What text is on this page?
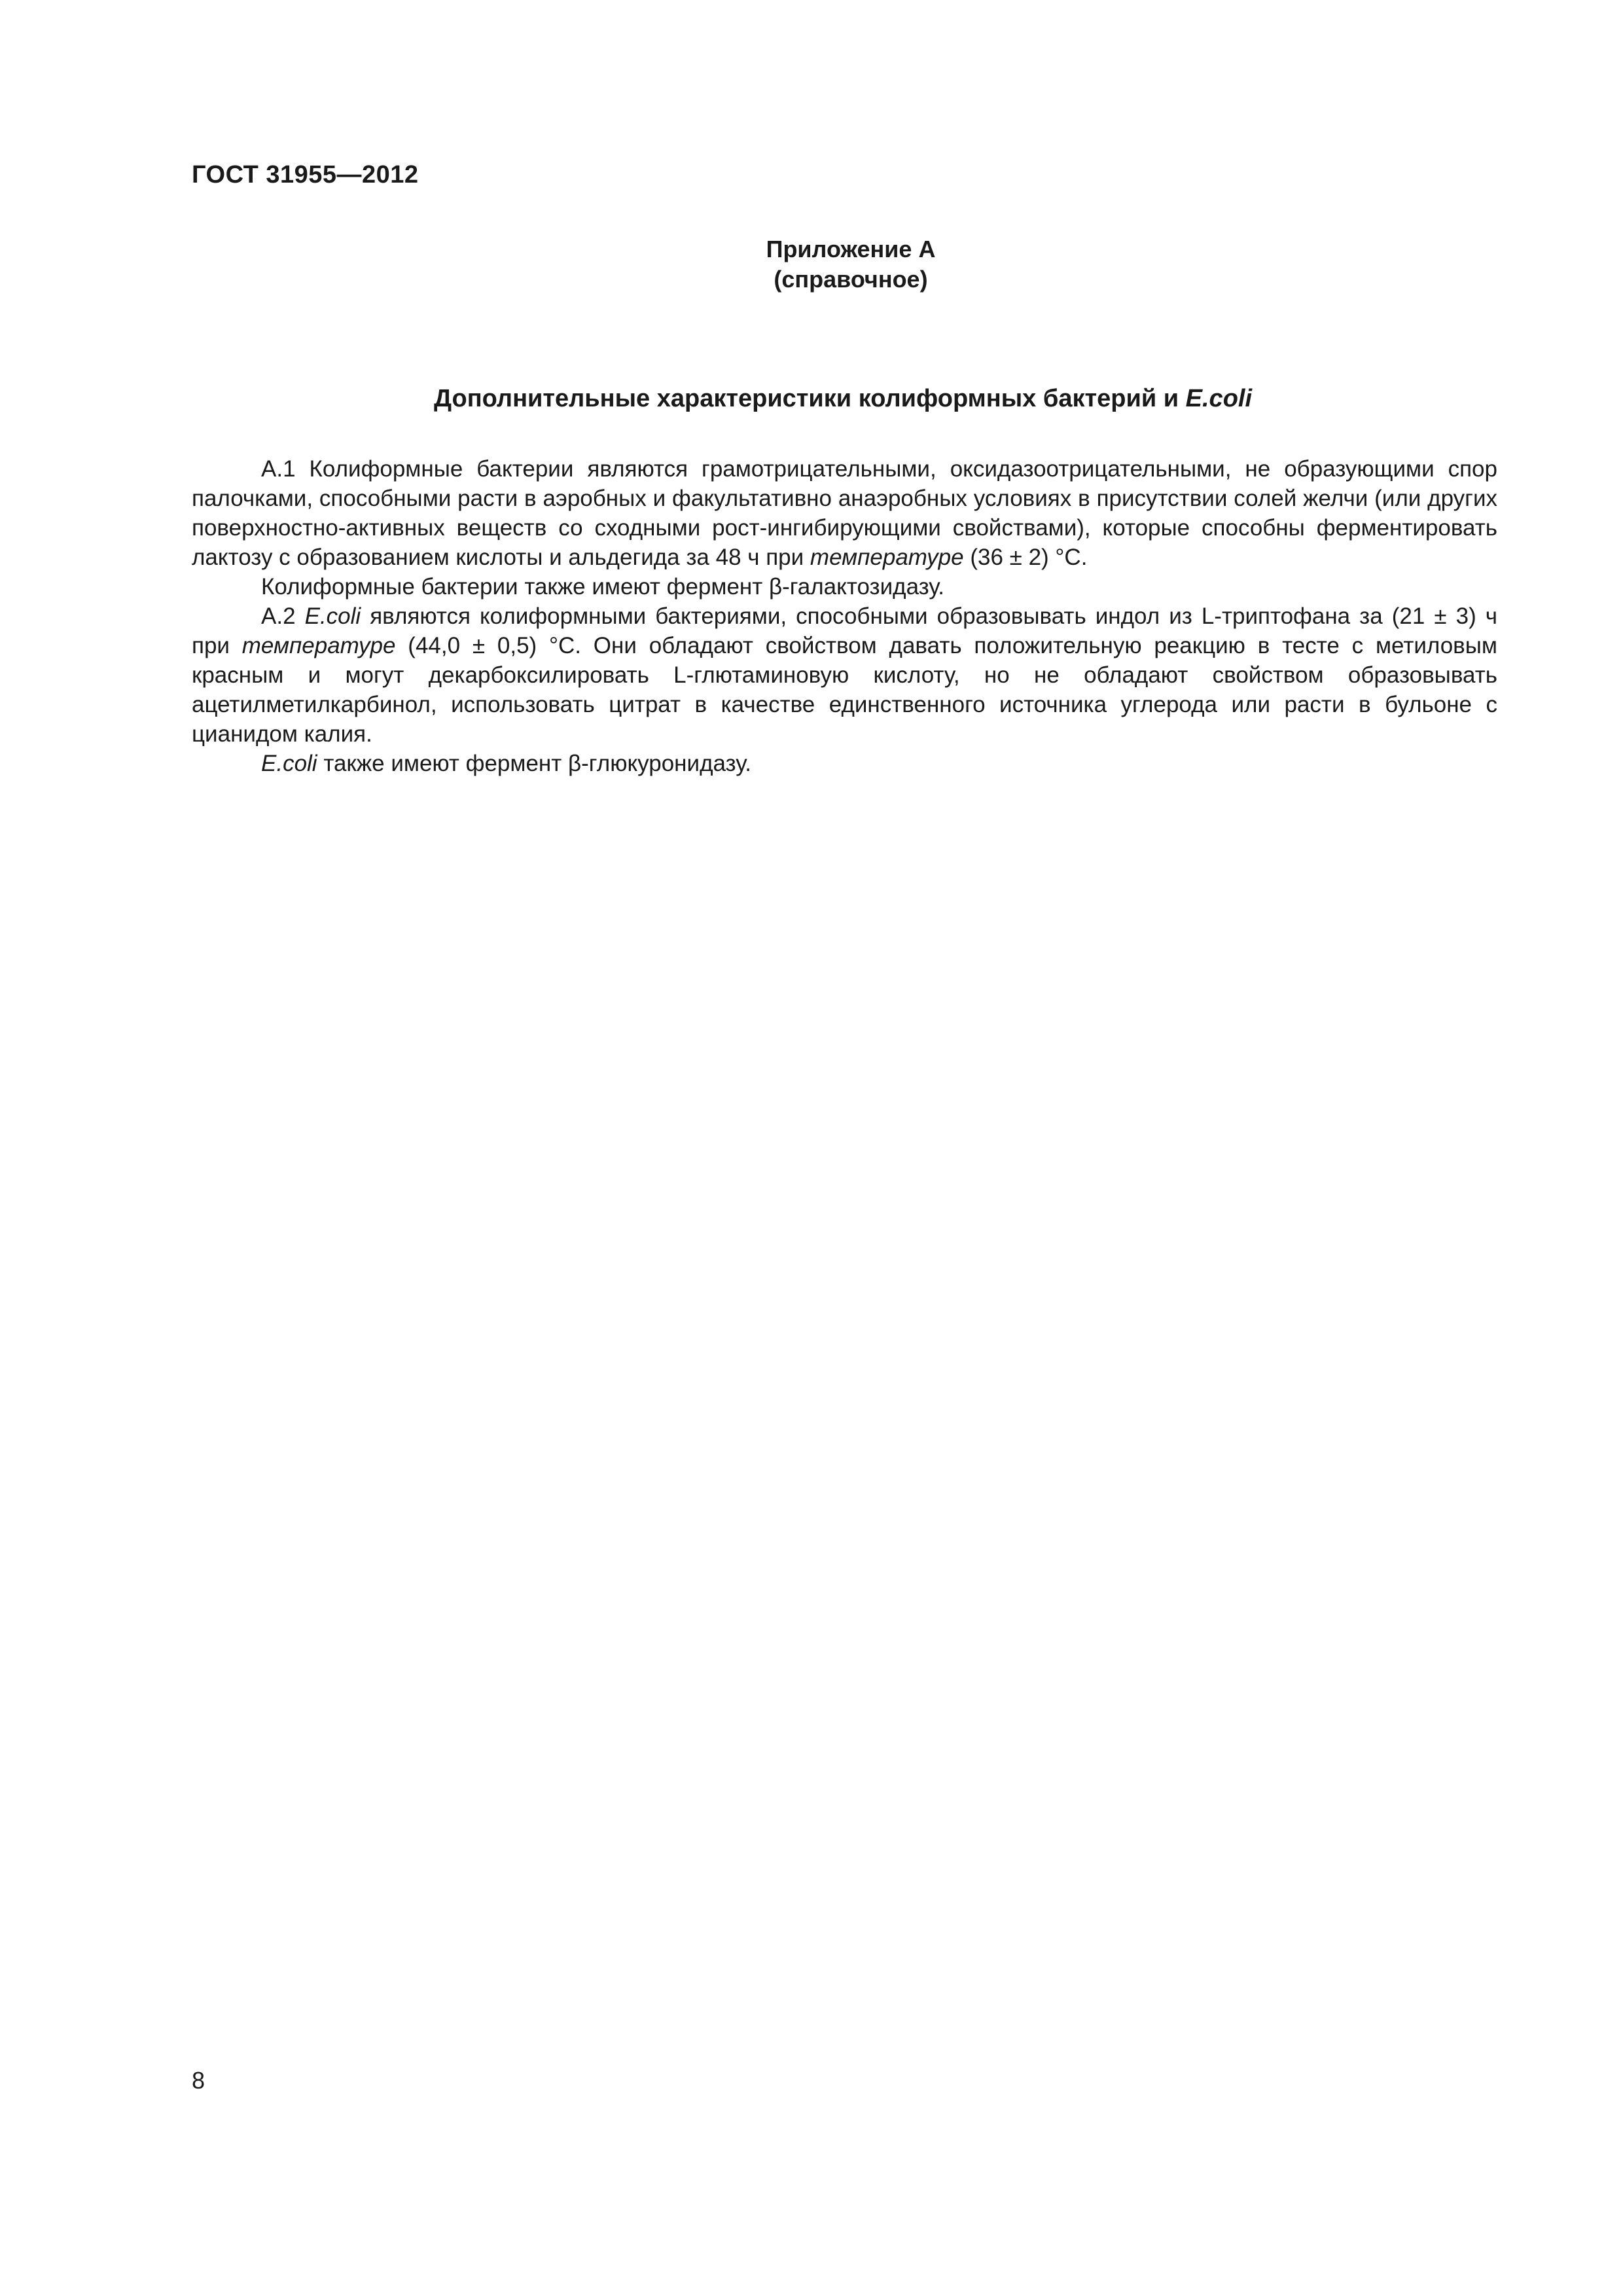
ГОСТ 31955—2012
Приложение А
(справочное)
Дополнительные характеристики колиформных бактерий и E.coli

А.1 Колиформные бактерии являются грамотрицательными, оксидазоотрицательными, не образующими спор палочками, способными расти в аэробных и факультативно анаэробных условиях в присутствии солей желчи (или других поверхностно-активных веществ со сходными рост-ингибирующими свойствами), которые способны ферментировать лактозу с образованием кислоты и альдегида за 48 ч при температуре (36 ± 2) °С.

Колиформные бактерии также имеют фермент β-галактозидазу.

А.2 E.coli являются колиформными бактериями, способными образовывать индол из L-триптофана за (21 ± 3) ч при температуре (44,0 ± 0,5) °С. Они обладают свойством давать положительную реакцию в тесте с метиловым красным и могут декарбоксилировать L-глютаминовую кислоту, но не обладают свойством образовывать ацетилметилкарбинол, использовать цитрат в качестве единственного источника углерода или расти в бульоне с цианидом калия.

E.coli также имеют фермент β-глюкуронидазу.

8
